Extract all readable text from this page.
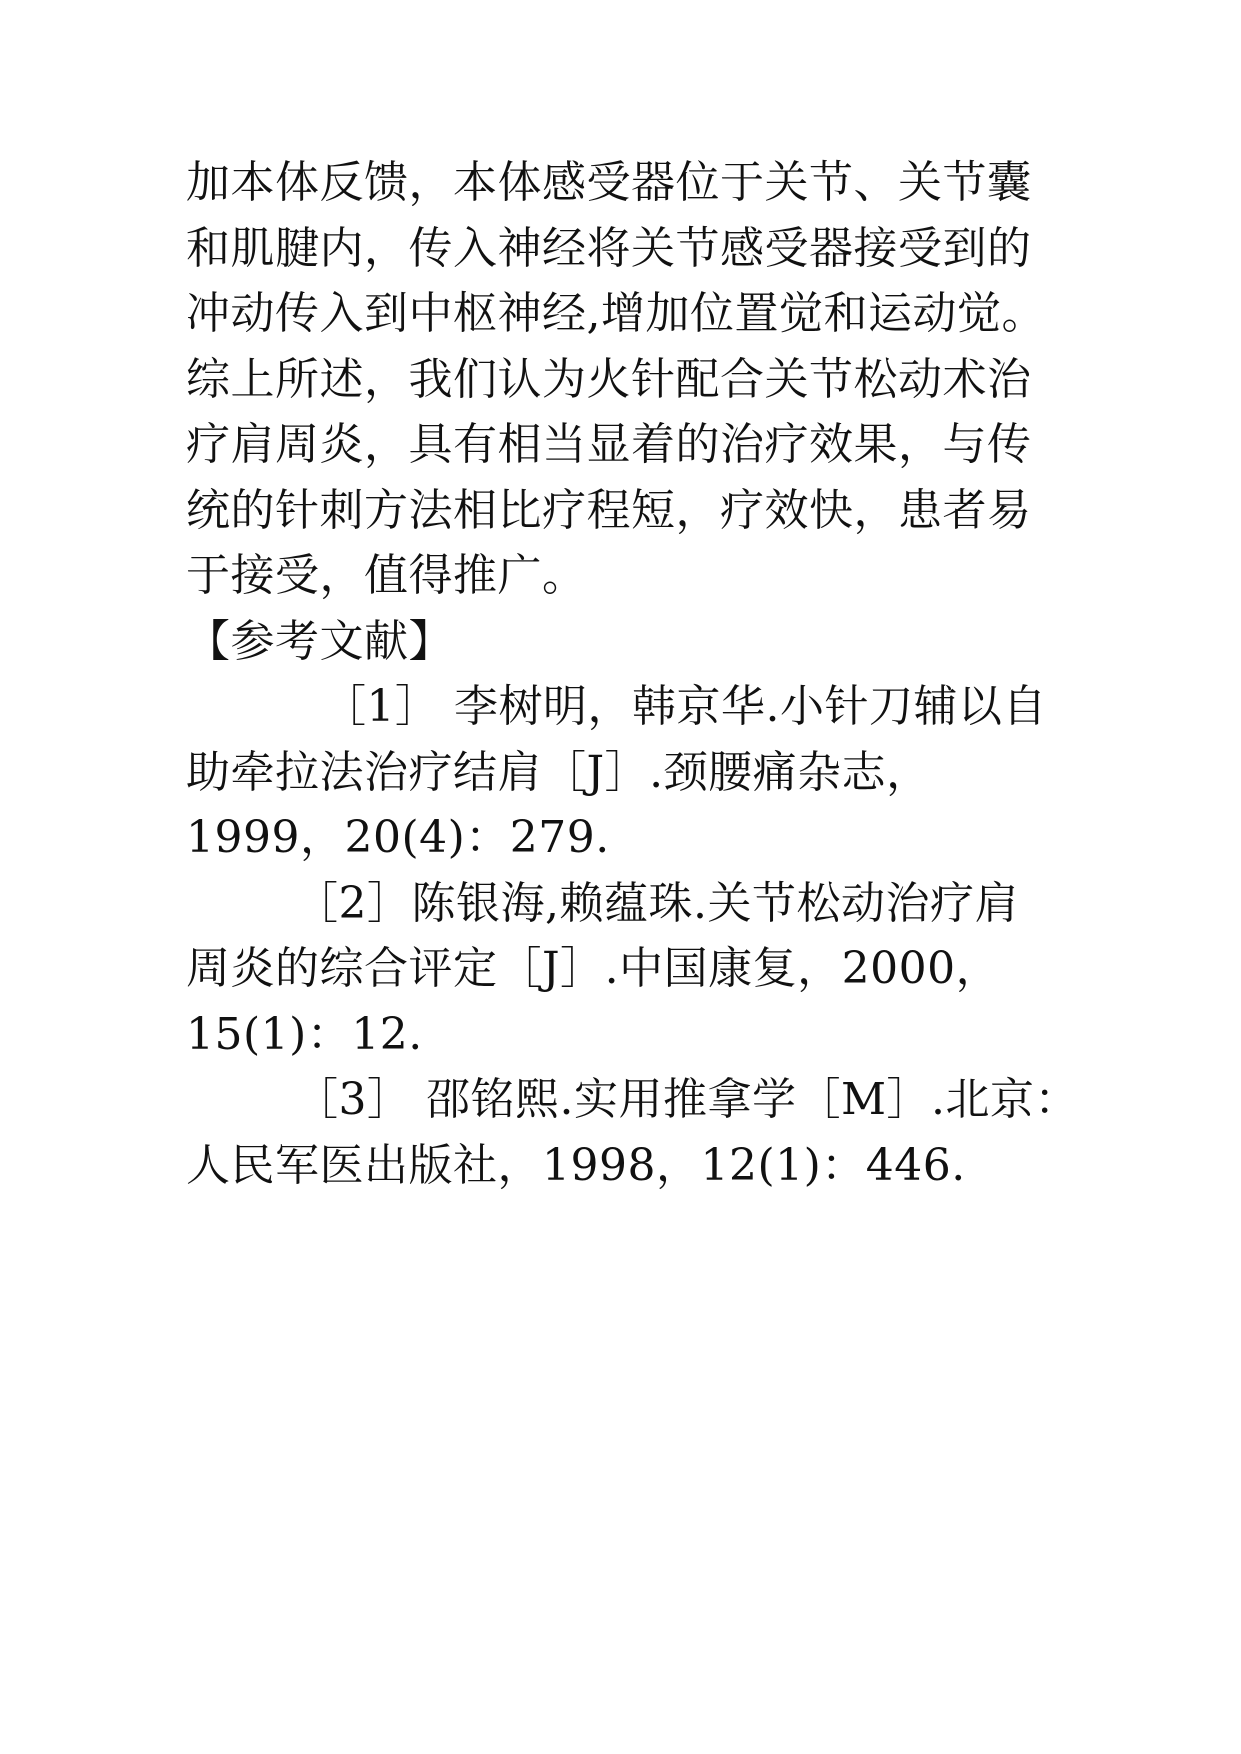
加本体反馈，本体感受器位于关节、关节囊
和肌腱内，传入神经将关节感受器接受到的
冲动传入到中枢神经,增加位置觉和运动觉。
综上所述，我们认为火针配合关节松动术治
疗肩周炎，具有相当显着的治疗效果，与传
统的针刺方法相比疗程短，疗效快，患者易
于接受，值得推广。
【参考文献】
［1］ 李树明，韩京华.小针刀辅以自
助牵拉法治疗结肩［J］.颈腰痛杂志，
1999，20(4)：279.
［2］陈银海,赖蕴珠.关节松动治疗肩
周炎的综合评定［J］.中国康复，2000，
15(1)：12.
［3］ 邵铭熙.实用推拿学［M］.北京：
人民军医出版社，1998，12(1)：446.
